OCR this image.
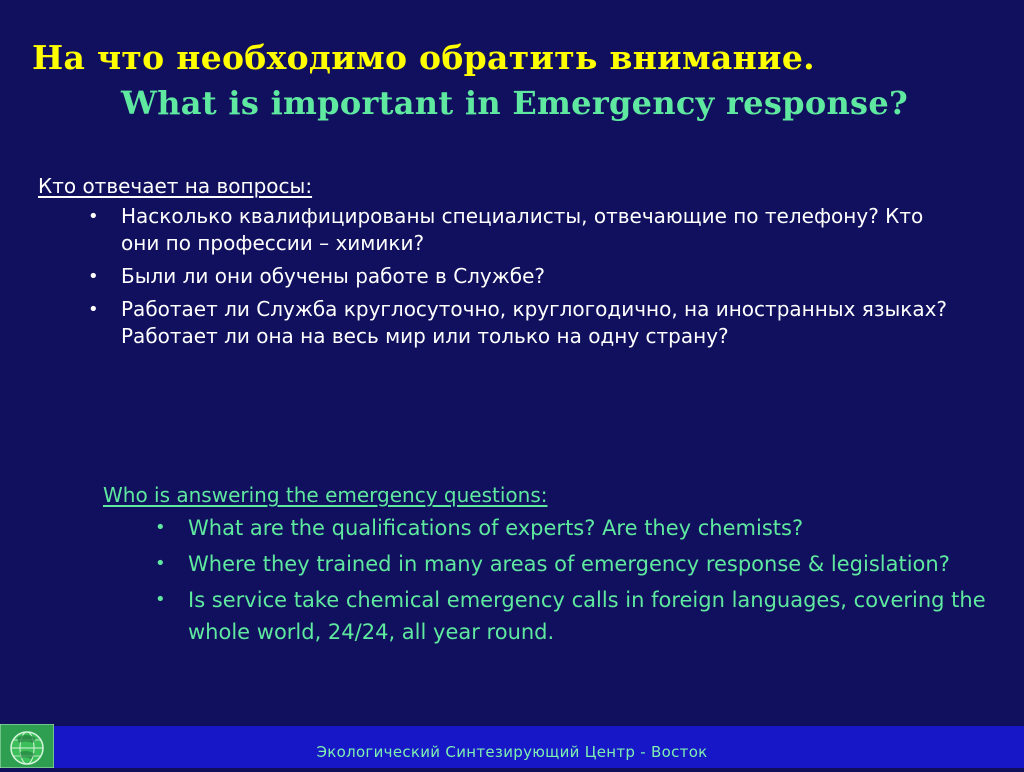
На что необходимо обратить внимание.
What is important in Emergency response?
Кто отвечает на вопросы:
• Насколько квалифицированы специалисты, отвечающие по телефону? Кто они по профессии – химики?
• Были ли они обучены работе в Службе?
• Работает ли Служба круглосуточно, круглогодично, на иностранных языках? Работает ли она на весь мир или только на одну страну?
Who is answering the emergency questions:
• What are the qualifications of experts? Are they chemists?
• Where they trained in many areas of emergency response & legislation?
• Is service take chemical emergency calls in foreign languages, covering the whole world, 24/24, all year round.
Экологический Синтезирующий Центр - Восток
